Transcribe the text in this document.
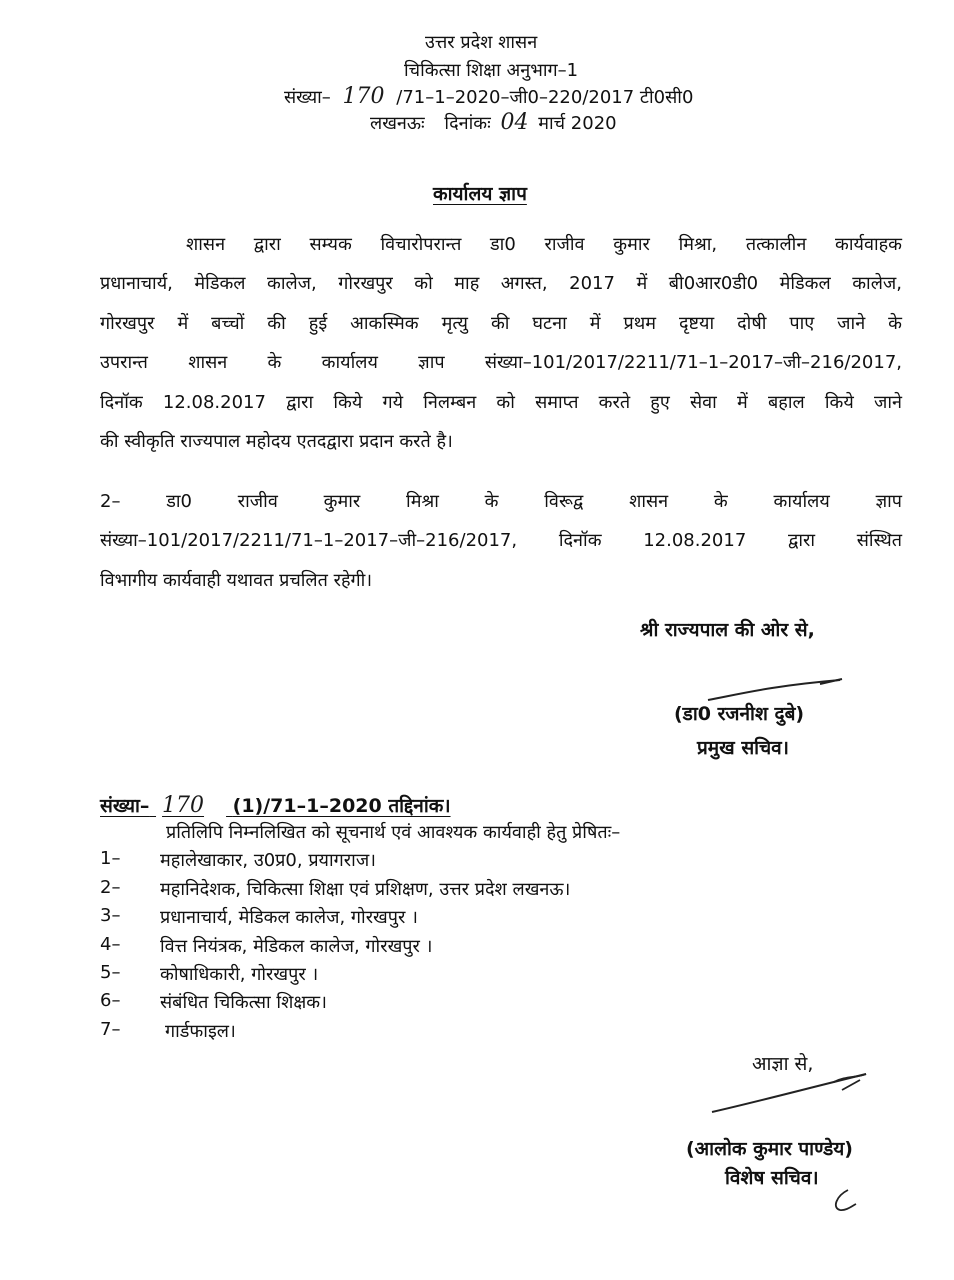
उत्तर प्रदेश शासन
चिकित्सा शिक्षा अनुभाग–1
संख्या– 170 /71–1–2020–जी0–220/2017 टी0सी0
लखनऊः दिनांकः 04 मार्च 2020
कार्यालय ज्ञाप
शासन द्वारा सम्यक विचारोपरान्त डा0 राजीव कुमार मिश्रा, तत्कालीन कार्यवाहक
प्रधानाचार्य, मेडिकल कालेज, गोरखपुर को माह अगस्त, 2017 में बी0आर0डी0 मेडिकल कालेज,
गोरखपुर में बच्चों की हुई आकस्मिक मृत्यु की घटना में प्रथम दृष्टया दोषी पाए जाने के
उपरान्त शासन के कार्यालय ज्ञाप संख्या–101/2017/2211/71–1–2017–जी–216/2017,
दिनॉक 12.08.2017 द्वारा किये गये निलम्बन को समाप्त करते हुए सेवा में बहाल किये जाने
की स्वीकृति राज्यपाल महोदय एतदद्वारा प्रदान करते है।
2– डा0 राजीव कुमार मिश्रा के विरूद्व शासन के कार्यालय ज्ञाप
संख्या–101/2017/2211/71–1–2017–जी–216/2017, दिनॉक 12.08.2017 द्वारा संस्थित
विभागीय कार्यवाही यथावत प्रचलित रहेगी।
श्री राज्यपाल की ओर से,
(डा0 रजनीश दुबे)
प्रमुख सचिव।
संख्या– 170 (1)/71–1–2020 तद्दिनांक।
प्रतिलिपि निम्नलिखित को सूचनार्थ एवं आवश्यक कार्यवाही हेतु प्रेषितः–
1–	महालेखाकार, उ0प्र0, प्रयागराज।
2–	महानिदेशक, चिकित्सा शिक्षा एवं प्रशिक्षण, उत्तर प्रदेश लखनऊ।
3–	प्रधानाचार्य, मेडिकल कालेज, गोरखपुर ।
4–	वित्त नियंत्रक, मेडिकल कालेज, गोरखपुर ।
5–	कोषाधिकारी, गोरखपुर ।
6–	संबंधित चिकित्सा शिक्षक।
7–	गार्डफाइल।
आज्ञा से,
(आलोक कुमार पाण्डेय)
विशेष सचिव।
